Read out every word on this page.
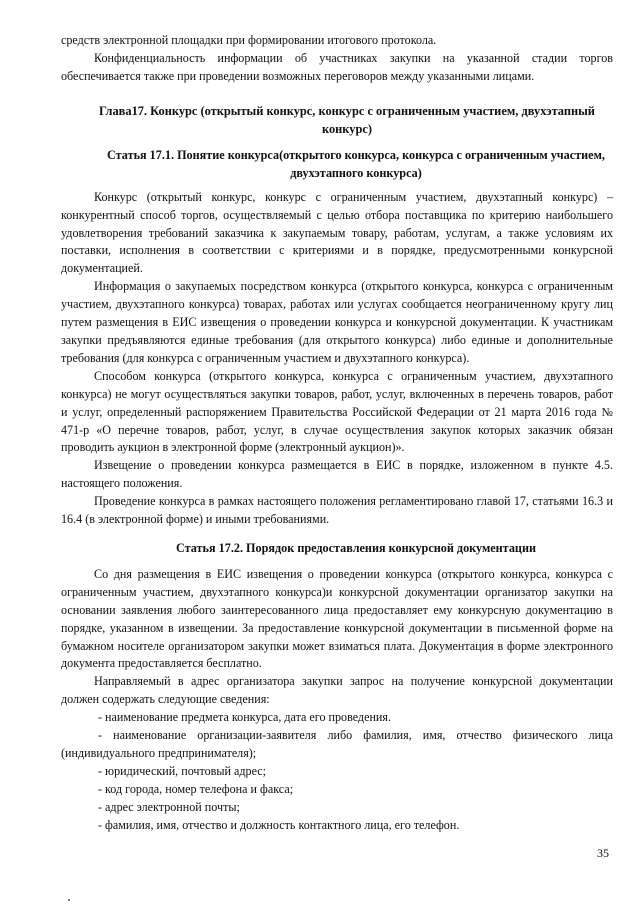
средств электронной площадки при формировании итогового протокола.

Конфиденциальность информации об участниках закупки на указанной стадии торгов обеспечивается также при проведении возможных переговоров между указанными лицами.

Глава17. Конкурс (открытый конкурс, конкурс с ограниченным участием, двухэтапный конкурс)
Статья 17.1. Понятие конкурса(открытого конкурса, конкурса с ограниченным участием, двухэтапного конкурса)

Конкурс (открытый конкурс, конкурс с ограниченным участием, двухэтапный конкурс) – конкурентный способ торгов, осуществляемый с целью отбора поставщика по критерию наибольшего удовлетворения требований заказчика к закупаемым товару, работам, услугам, а также условиям их поставки, исполнения в соответствии с критериями и в порядке, предусмотренными конкурсной документацией.

Информация о закупаемых посредством конкурса (открытого конкурса, конкурса с ограниченным участием, двухэтапного конкурса) товарах, работах или услугах сообщается неограниченному кругу лиц путем размещения в ЕИС извещения о проведении конкурса и конкурсной документации. К участникам закупки предъявляются единые требования (для открытого конкурса) либо единые и дополнительные требования (для конкурса с ограниченным участием и двухэтапного конкурса).

Способом конкурса (открытого конкурса, конкурса с ограниченным участием, двухэтапного конкурса) не могут осуществляться закупки товаров, работ, услуг, включенных в перечень товаров, работ и услуг, определенный распоряжением Правительства Российской Федерации от 21 марта 2016 года № 471-р «О перечне товаров, работ, услуг, в случае осуществления закупок которых заказчик обязан проводить аукцион в электронной форме (электронный аукцион)».

Извещение о проведении конкурса размещается в ЕИС в порядке, изложенном в пункте 4.5. настоящего положения.

Проведение конкурса в рамках настоящего положения регламентировано главой 17, статьями 16.3 и 16.4 (в электронной форме) и иными требованиями.

Статья 17.2. Порядок предоставления конкурсной документации

Со дня размещения в ЕИС извещения о проведении конкурса (открытого конкурса, конкурса с ограниченным участием, двухэтапного конкурса)и конкурсной документации организатор закупки на основании заявления любого заинтересованного лица предоставляет ему конкурсную документацию в порядке, указанном в извещении. За предоставление конкурсной документации в письменной форме на бумажном носителе организатором закупки может взиматься плата. Документация в форме электронного документа предоставляется бесплатно.

Направляемый в адрес организатора закупки запрос на получение конкурсной документации должен содержать следующие сведения:

- наименование предмета конкурса, дата его проведения.

- наименование организации-заявителя либо фамилия, имя, отчество физического лица (индивидуального предпринимателя);

- юридический, почтовый адрес;

- код города, номер телефона и факса;

- адрес электронной почты;

- фамилия, имя, отчество и должность контактного лица, его телефон.

35
